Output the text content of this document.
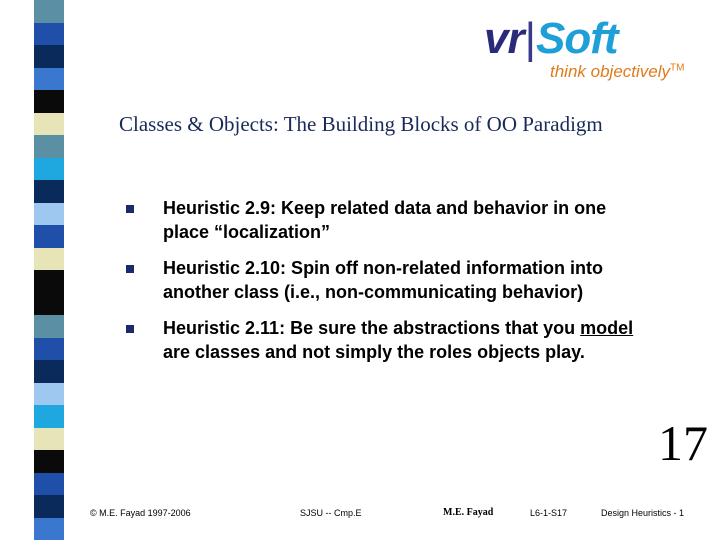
vr|Soft
think objectively™
Classes & Objects: The Building Blocks of OO Paradigm
Heuristic 2.9: Keep related data and behavior in one place “localization”
Heuristic 2.10: Spin off non-related information into another class (i.e., non-communicating behavior)
Heuristic 2.11: Be sure the abstractions that you model are classes and not simply the roles objects play.
17
© M.E. Fayad 1997-2006	SJSU -- Cmp.E	M.E. Fayad	L6-1-S17	Design Heuristics - 1
